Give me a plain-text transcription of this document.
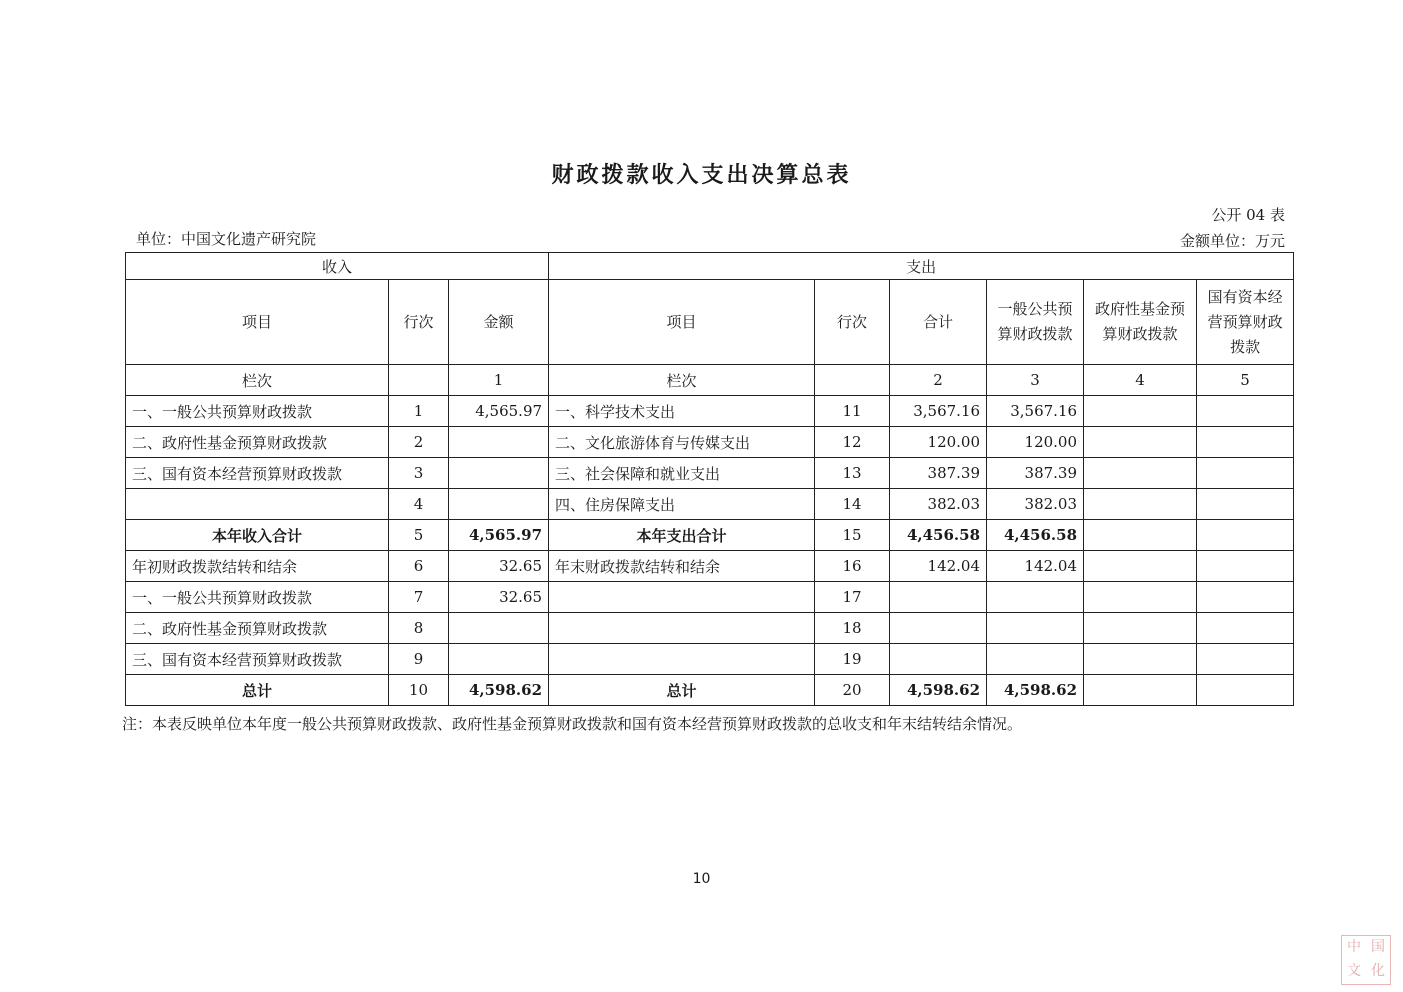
财政拨款收入支出决算总表
公开 04 表
单位：中国文化遗产研究院	金额单位：万元
收入			支出					
项目	行次	金额	项目	行次	合计	一般公共预算财政拨款	政府性基金预算财政拨款	国有资本经营预算财政拨款
栏次		1	栏次		2	3	4	5
一、一般公共预算财政拨款	1	4,565.97	一、科学技术支出	11	3,567.16	3,567.16		
二、政府性基金预算财政拨款	2		二、文化旅游体育与传媒支出	12	120.00	120.00		
三、国有资本经营预算财政拨款	3		三、社会保障和就业支出	13	387.39	387.39		
	4		四、住房保障支出	14	382.03	382.03		
本年收入合计	5	4,565.97	本年支出合计	15	4,456.58	4,456.58		
年初财政拨款结转和结余	6	32.65	年末财政拨款结转和结余	16	142.04	142.04		
一、一般公共预算财政拨款	7	32.65		17				
二、政府性基金预算财政拨款	8			18				
三、国有资本经营预算财政拨款	9			19				
总计	10	4,598.62	总计	20	4,598.62	4,598.62		
注：本表反映单位本年度一般公共预算财政拨款、政府性基金预算财政拨款和国有资本经营预算财政拨款的总收支和年末结转结余情况。
10
中 国
文 化
